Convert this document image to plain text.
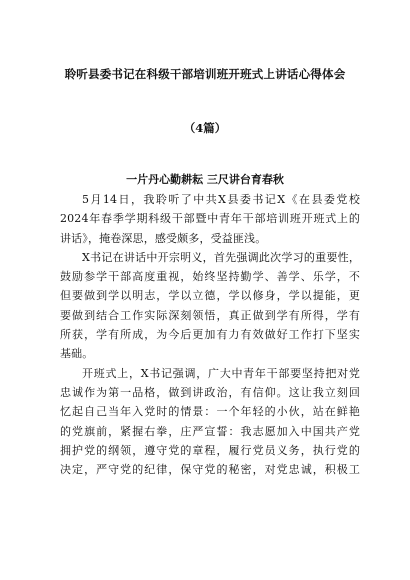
聆听县委书记在科级干部培训班开班式上讲话心得体会
（4篇）
一片丹心勤耕耘 三尺讲台育春秋
5月14日，我聆听了中共X县委书记X《在县委党校
2024年春季学期科级干部暨中青年干部培训班开班式上的
讲话》，掩卷深思，感受颇多，受益匪浅。
X书记在讲话中开宗明义，首先强调此次学习的重要性，
鼓励参学干部高度重视，始终坚持勤学、善学、乐学，不
但要做到学以明志，学以立德，学以修身，学以提能，更
要做到结合工作实际深刻领悟，真正做到学有所得，学有
所获，学有所成，为今后更加有力有效做好工作打下坚实
基础。
开班式上，X书记强调，广大中青年干部要坚持把对党
忠诚作为第一品格，做到讲政治，有信仰。这让我立刻回
忆起自己当年入党时的情景：一个年轻的小伙，站在鲜艳
的党旗前，紧握右拳，庄严宣誓：我志愿加入中国共产党
拥护党的纲领，遵守党的章程，履行党员义务，执行党的
决定，严守党的纪律，保守党的秘密，对党忠诚，积极工
